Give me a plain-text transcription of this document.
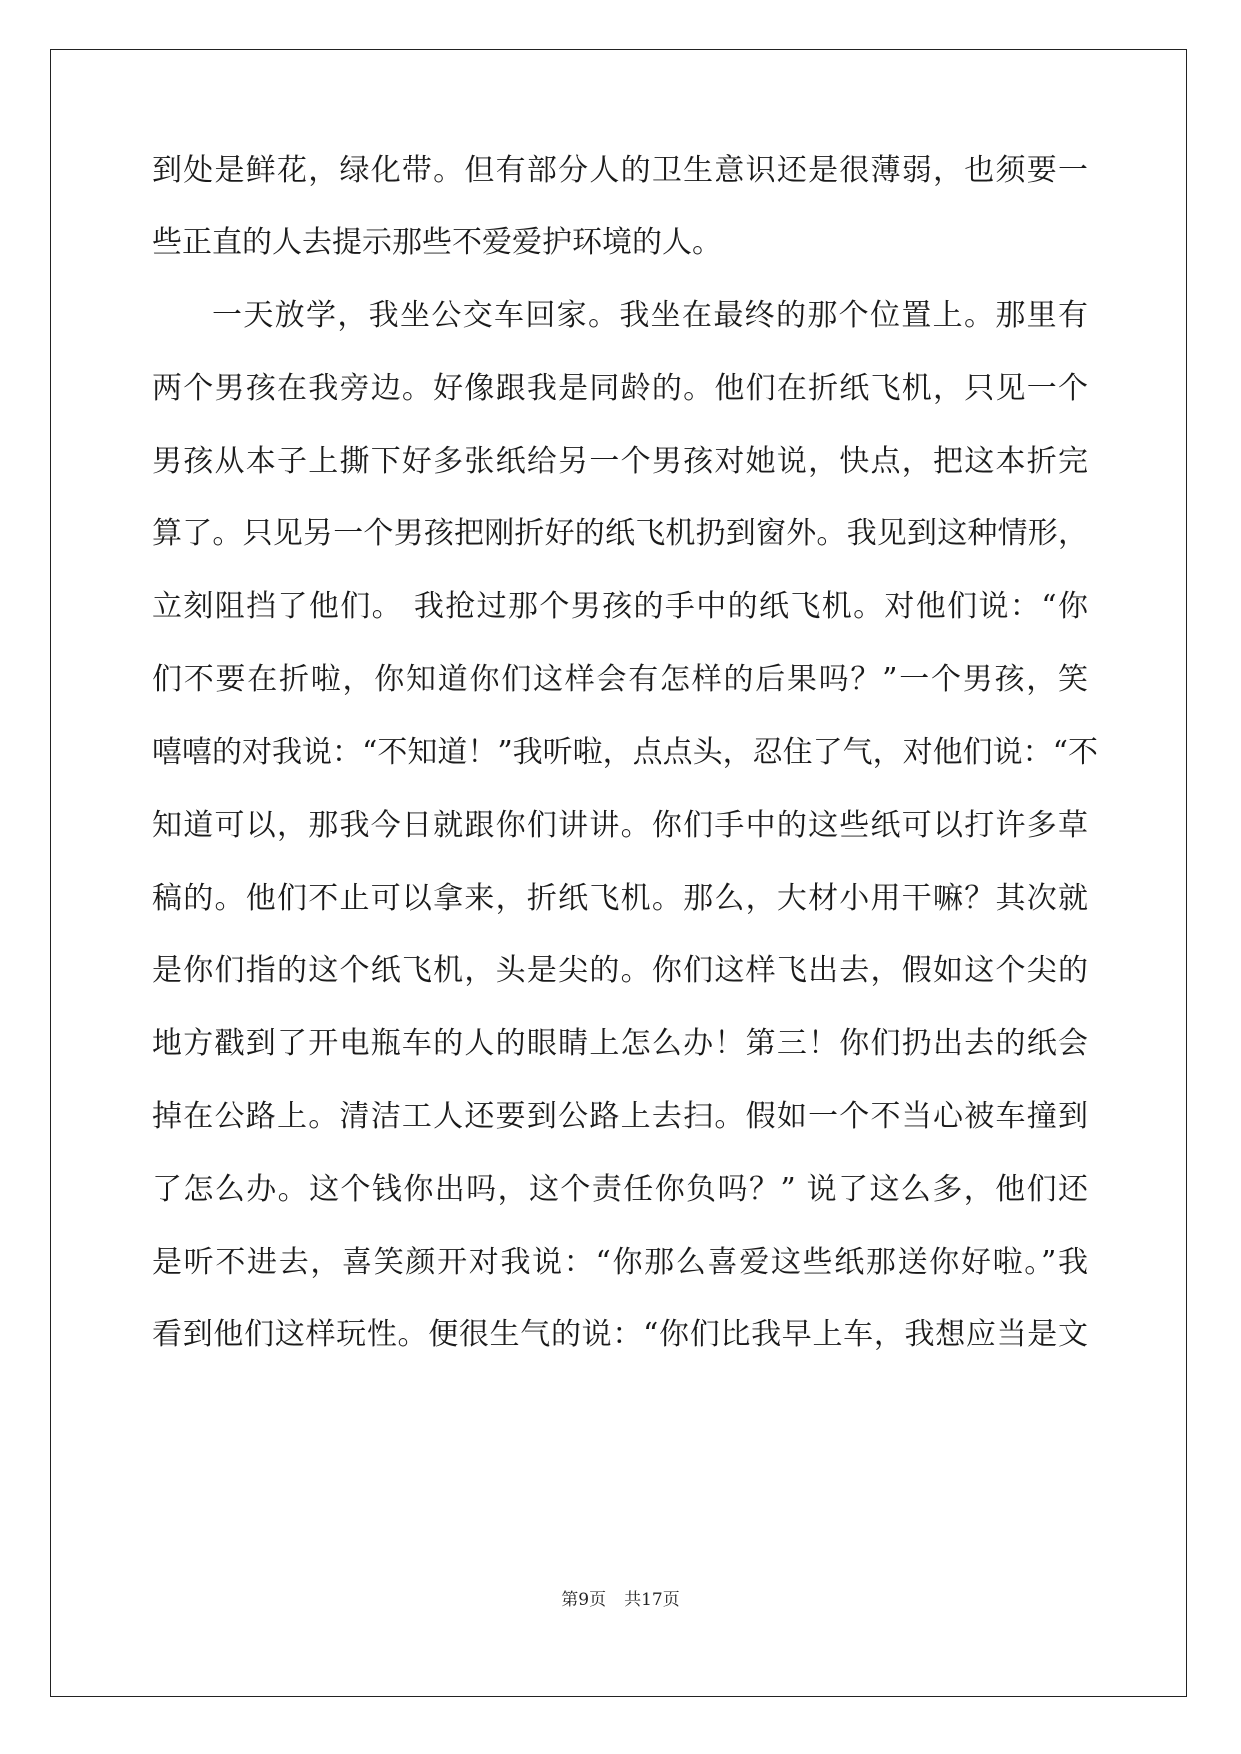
到处是鲜花，绿化带。但有部分人的卫生意识还是很薄弱，也须要一
些正直的人去提示那些不爱爱护环境的人。
一天放学，我坐公交车回家。我坐在最终的那个位置上。那里有
两个男孩在我旁边。好像跟我是同龄的。他们在折纸飞机，只见一个
男孩从本子上撕下好多张纸给另一个男孩对她说，快点，把这本折完
算了。只见另一个男孩把刚折好的纸飞机扔到窗外。我见到这种情形，
立刻阻挡了他们。 我抢过那个男孩的手中的纸飞机。对他们说：“你
们不要在折啦，你知道你们这样会有怎样的后果吗？”一个男孩，笑
嘻嘻的对我说：“不知道！”我听啦，点点头，忍住了气，对他们说：“不
知道可以，那我今日就跟你们讲讲。你们手中的这些纸可以打许多草
稿的。他们不止可以拿来，折纸飞机。那么，大材小用干嘛？其次就
是你们指的这个纸飞机，头是尖的。你们这样飞出去，假如这个尖的
地方戳到了开电瓶车的人的眼睛上怎么办！第三！你们扔出去的纸会
掉在公路上。清洁工人还要到公路上去扫。假如一个不当心被车撞到
了怎么办。这个钱你出吗，这个责任你负吗？” 说了这么多，他们还
是听不进去，喜笑颜开对我说：“你那么喜爱这些纸那送你好啦。”我
看到他们这样玩性。便很生气的说：“你们比我早上车，我想应当是文
第9页 共17页
